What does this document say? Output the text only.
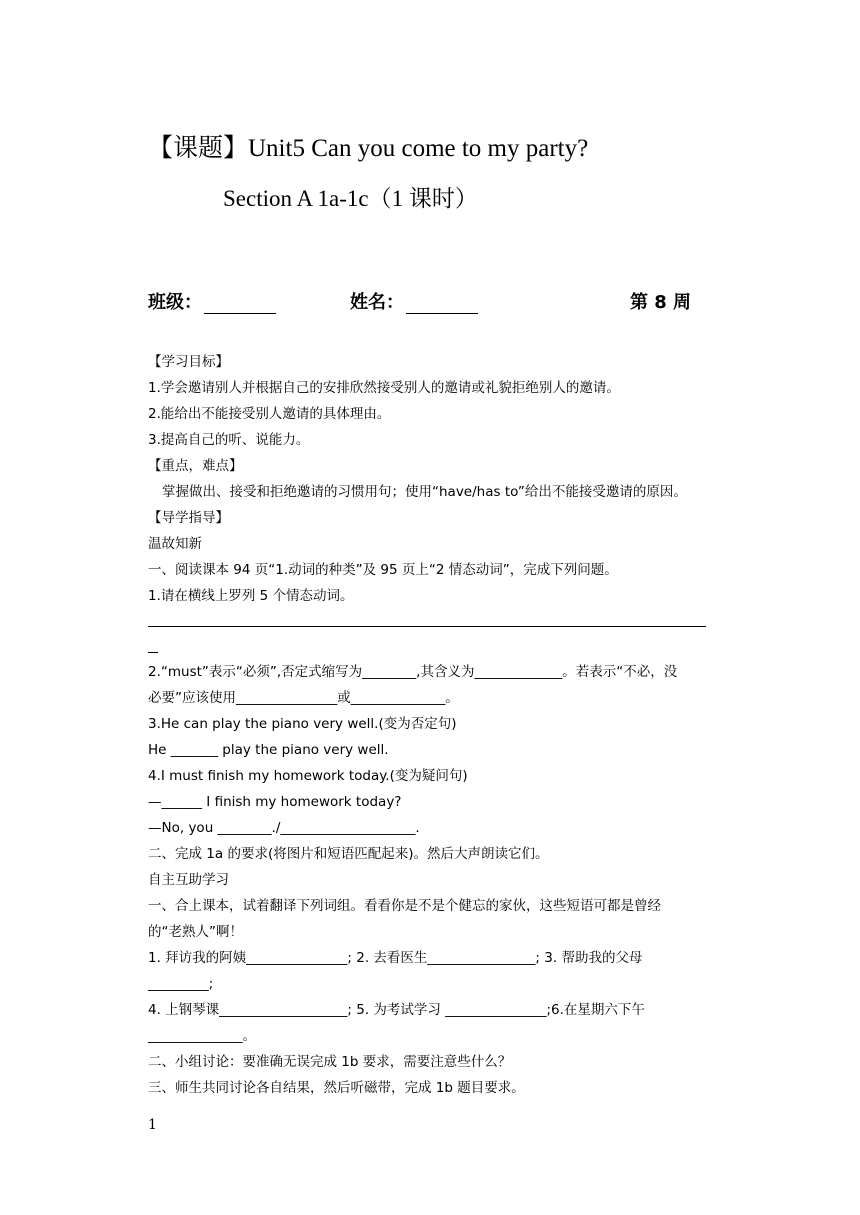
【课题】Unit5 Can you come to my party?
Section A 1a-1c（1 课时）
班级：	姓名：	第 8 周
【学习目标】
1.学会邀请别人并根据自己的安排欣然接受别人的邀请或礼貌拒绝别人的邀请。
2.能给出不能接受别人邀请的具体理由。
3.提高自己的听、说能力。
【重点，难点】
掌握做出、接受和拒绝邀请的习惯用句；使用“have/has to”给出不能接受邀请的原因。
【导学指导】
温故知新
一、阅读课本 94 页“1.动词的种类”及 95 页上“2 情态动词”，完成下列问题。
1.请在横线上罗列 5 个情态动词。
2.“must”表示“必须”,否定式缩写为________,其含义为_____________。若表示“不必，没
必要”应该使用_______________或______________。
3.He can play the piano very well.(变为否定句)
He _______ play the piano very well.
4.I must finish my homework today.(变为疑问句)
—______ I finish my homework today?
—No, you ________./____________________.
二、完成 1a 的要求(将图片和短语匹配起来)。然后大声朗读它们。
自主互助学习
一、合上课本，试着翻译下列词组。看看你是不是个健忘的家伙，这些短语可都是曾经
的“老熟人”啊！
1. 拜访我的阿姨_______________; 2. 去看医生________________; 3. 帮助我的父母
_________;
4. 上钢琴课___________________; 5. 为考试学习 _______________;6.在星期六下午
______________。
二、小组讨论：要准确无误完成 1b 要求，需要注意些什么？
三、师生共同讨论各自结果，然后听磁带，完成 1b 题目要求。
1
